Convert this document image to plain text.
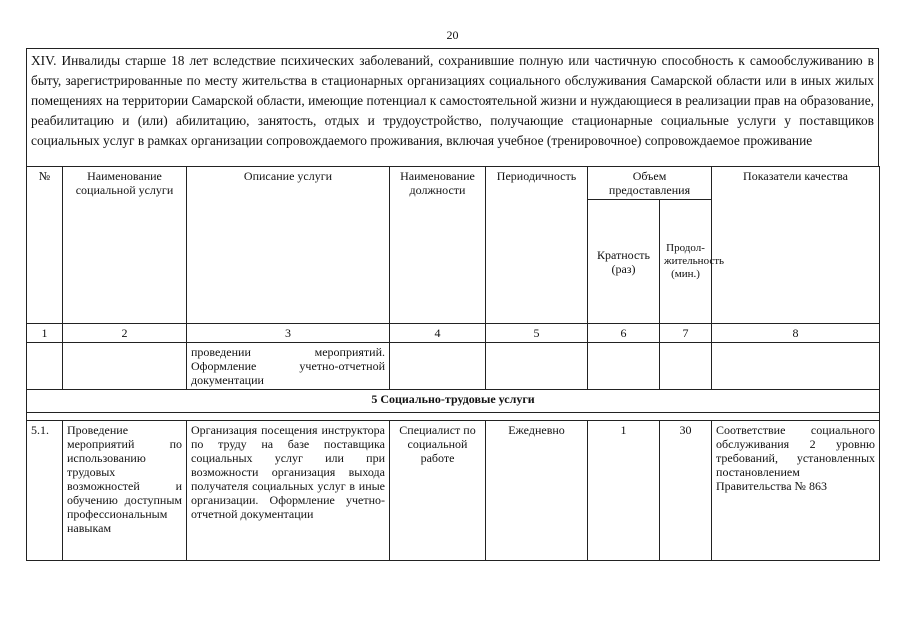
20
XIV. Инвалиды старше 18 лет вследствие психических заболеваний, сохранившие полную или частичную способность к самообслуживанию в быту, зарегистрированные по месту жительства в стационарных организациях социального обслуживания Самарской области или в иных жилых помещениях на территории Самарской области, имеющие потенциал к самостоятельной жизни и нуждающиеся в реализации прав на образование, реабилитацию и (или) абилитацию, занятость, отдых и трудоустройство, получающие стационарные социальные услуги у поставщиков социальных услуг в рамках организации сопровождаемого проживания, включая учебное (тренировочное) сопровождаемое проживание
№	Наименование социальной услуги	Описание услуги	Наименование должности	Периодичность	Объем предоставления		Показатели качества
					Кратность (раз)	Продол-жительность (мин.)	
1	2	3	4	5	6	7	8
		проведении мероприятий. Оформление учетно-отчетной документации					
5 Социально-трудовые услуги							

5.1.	Проведение мероприятий по использованию трудовых возможностей и обучению доступным профессиональным навыкам	Организация посещения инструктора по труду на базе поставщика социальных услуг или при возможности организация выхода получателя социальных услуг в иные организации. Оформление учетно-отчетной документации	Специалист по социальной работе	Ежедневно	1	30	Соответствие социального обслуживания 2 уровню требований, установленных постановлением Правительства № 863
